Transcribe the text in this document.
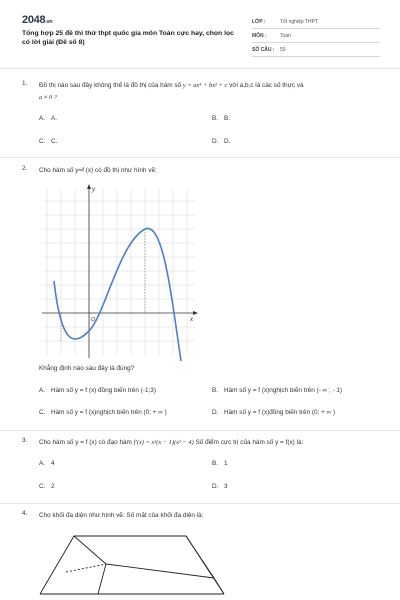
2048.vn
Tổng hợp 25 đề thi thử thpt quốc gia môn Toán cực hay, chọn lọc có lời giải (Đề số 8)
LỚP :	Tốt nghiệp THPT
MÔN :	Toán
SỐ CÂU :	50
1. Đồ thị nào sau đây không thể là đồ thị của hàm số y = ax⁴ + bx² + c với a,b,c là các số thực và
a ≠ 0 ?
A. A.	B. B.
C. C.	D. D.
2. Cho hàm số y=f (x) có đồ thị như hình vẽ:
y
x
O
Khẳng định nào sau đây là đúng?
A. Hàm số y = f (x) đồng biến trên (-1;3)	B. Hàm số y = f (x)nghịch biến trên (- ∞ ; - 1)
C. Hàm số y = f (x)nghịch biến trên (0; + ∞ )	D. Hàm số y = f (x)đồng biến trên (0; + ∞ )
3. Cho hàm số y = f (x) có đạo hàm f′(x) = x²(x − 1)(x² − 4) Số điểm cực trị của hàm số y = f(x) là:
A. 4	B. 1
C. 2	D. 3
4. Cho khối đa diện như hình vẽ. Số mặt của khối đa diện là:
